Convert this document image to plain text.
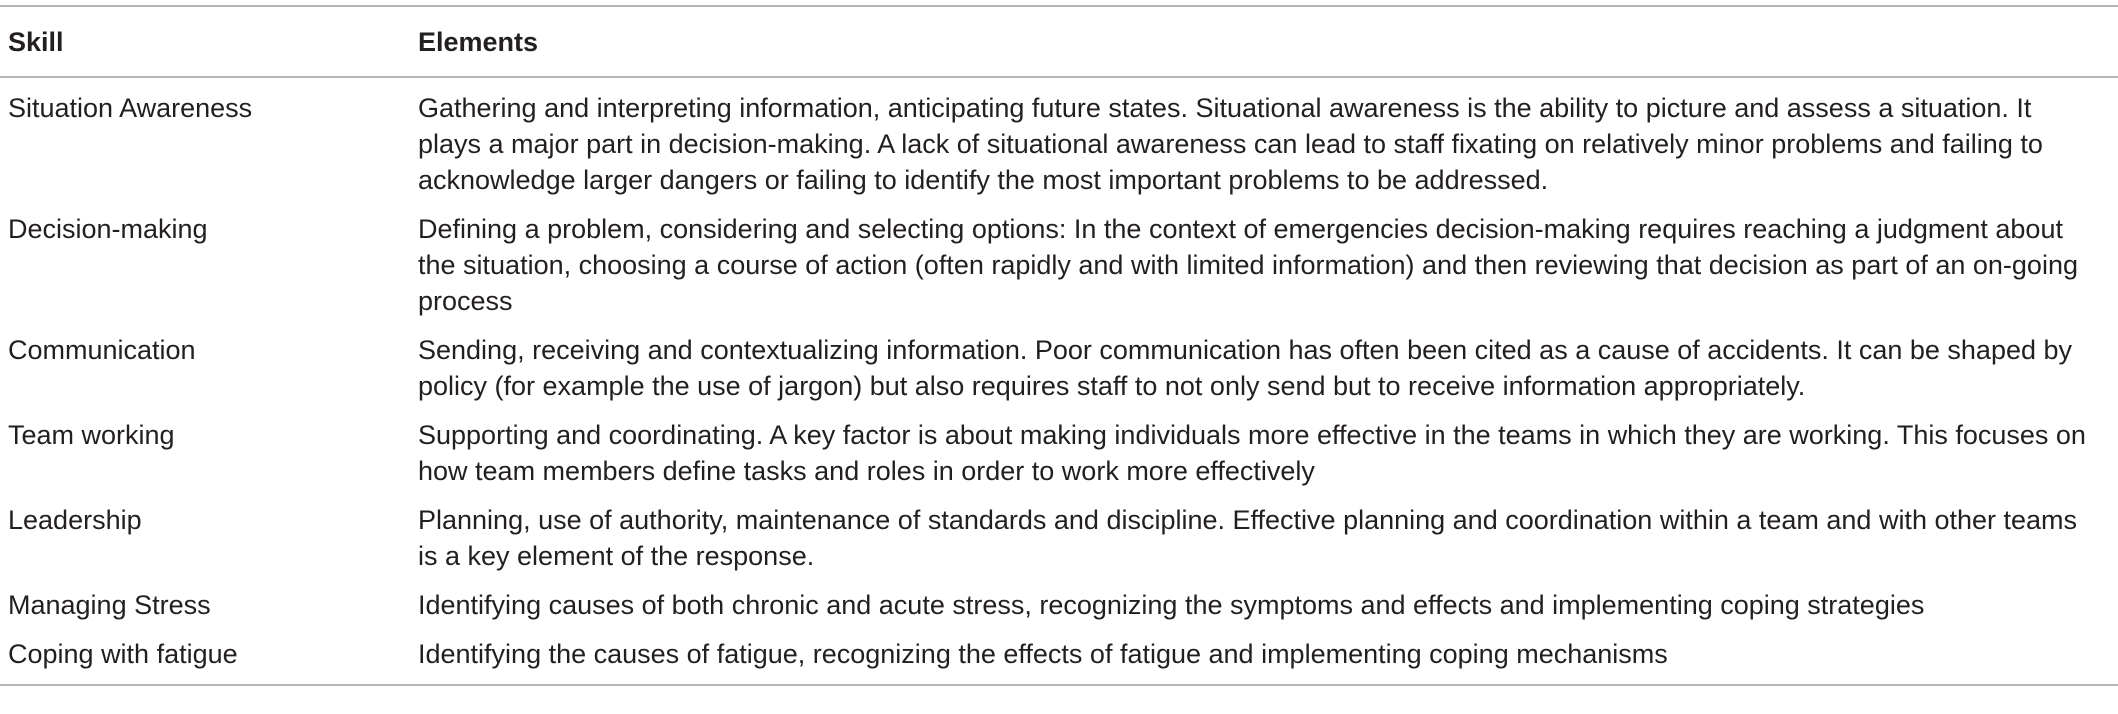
Skill	Elements
Situation Awareness	Gathering and interpreting information, anticipating future states. Situational awareness is the ability to picture and assess a situation. It plays a major part in decision-making. A lack of situational awareness can lead to staff fixating on relatively minor problems and failing to acknowledge larger dangers or failing to identify the most important problems to be addressed.
Decision-making	Defining a problem, considering and selecting options: In the context of emergencies decision-making requires reaching a judgment about the situation, choosing a course of action (often rapidly and with limited information) and then reviewing that decision as part of an on-going process
Communication	Sending, receiving and contextualizing information. Poor communication has often been cited as a cause of accidents. It can be shaped by policy (for example the use of jargon) but also requires staff to not only send but to receive information appropriately.
Team working	Supporting and coordinating. A key factor is about making individuals more effective in the teams in which they are working. This focuses on how team members define tasks and roles in order to work more effectively
Leadership	Planning, use of authority, maintenance of standards and discipline. Effective planning and coordination within a team and with other teams is a key element of the response.
Managing Stress	Identifying causes of both chronic and acute stress, recognizing the symptoms and effects and implementing coping strategies
Coping with fatigue	Identifying the causes of fatigue, recognizing the effects of fatigue and implementing coping mechanisms
